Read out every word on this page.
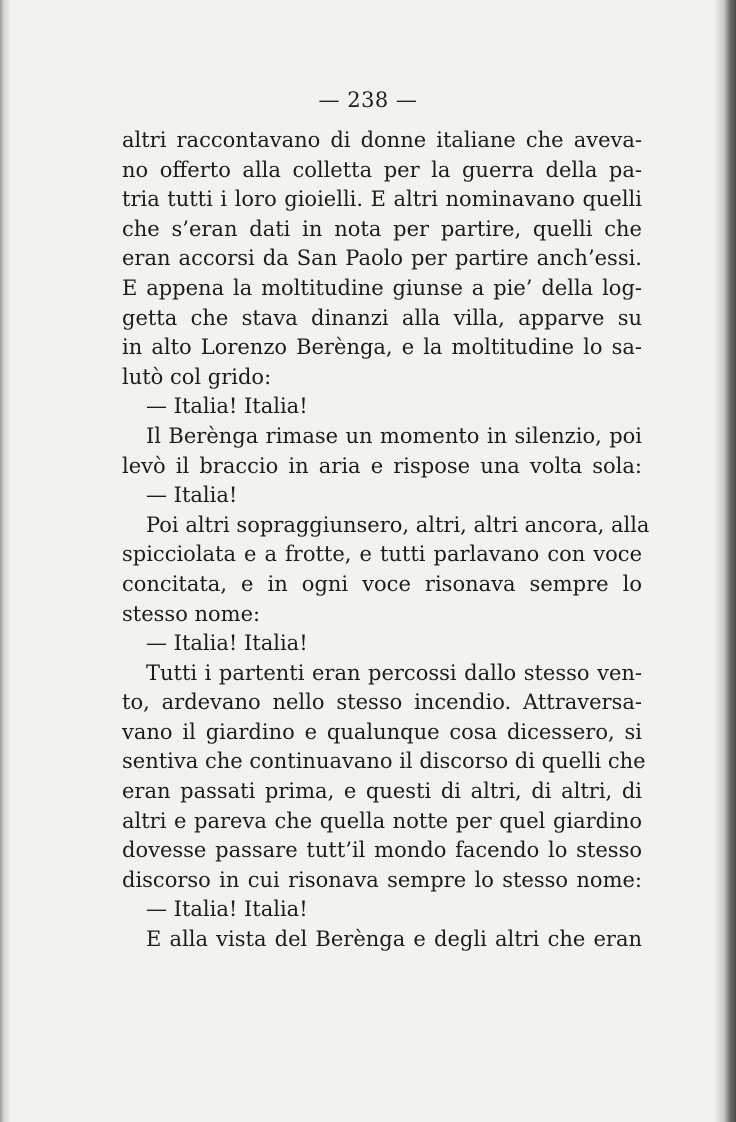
— 238 —
altri raccontavano di donne italiane che aveva-
no offerto alla colletta per la guerra della pa-
tria tutti i loro gioielli. E altri nominavano quelli
che s’eran dati in nota per partire, quelli che
eran accorsi da San Paolo per partire anch’essi.
E appena la moltitudine giunse a pie’ della log-
getta che stava dinanzi alla villa, apparve su
in alto Lorenzo Berènga, e la moltitudine lo sa-
lutò col grido:
— Italia! Italia!
Il Berènga rimase un momento in silenzio, poi
levò il braccio in aria e rispose una volta sola:
— Italia!
Poi altri sopraggiunsero, altri, altri ancora, alla
spicciolata e a frotte, e tutti parlavano con voce
concitata, e in ogni voce risonava sempre lo
stesso nome:
— Italia! Italia!
Tutti i partenti eran percossi dallo stesso ven-
to, ardevano nello stesso incendio. Attraversa-
vano il giardino e qualunque cosa dicessero, si
sentiva che continuavano il discorso di quelli che
eran passati prima, e questi di altri, di altri, di
altri e pareva che quella notte per quel giardino
dovesse passare tutt’il mondo facendo lo stesso
discorso in cui risonava sempre lo stesso nome:
— Italia! Italia!
E alla vista del Berènga e degli altri che eran
